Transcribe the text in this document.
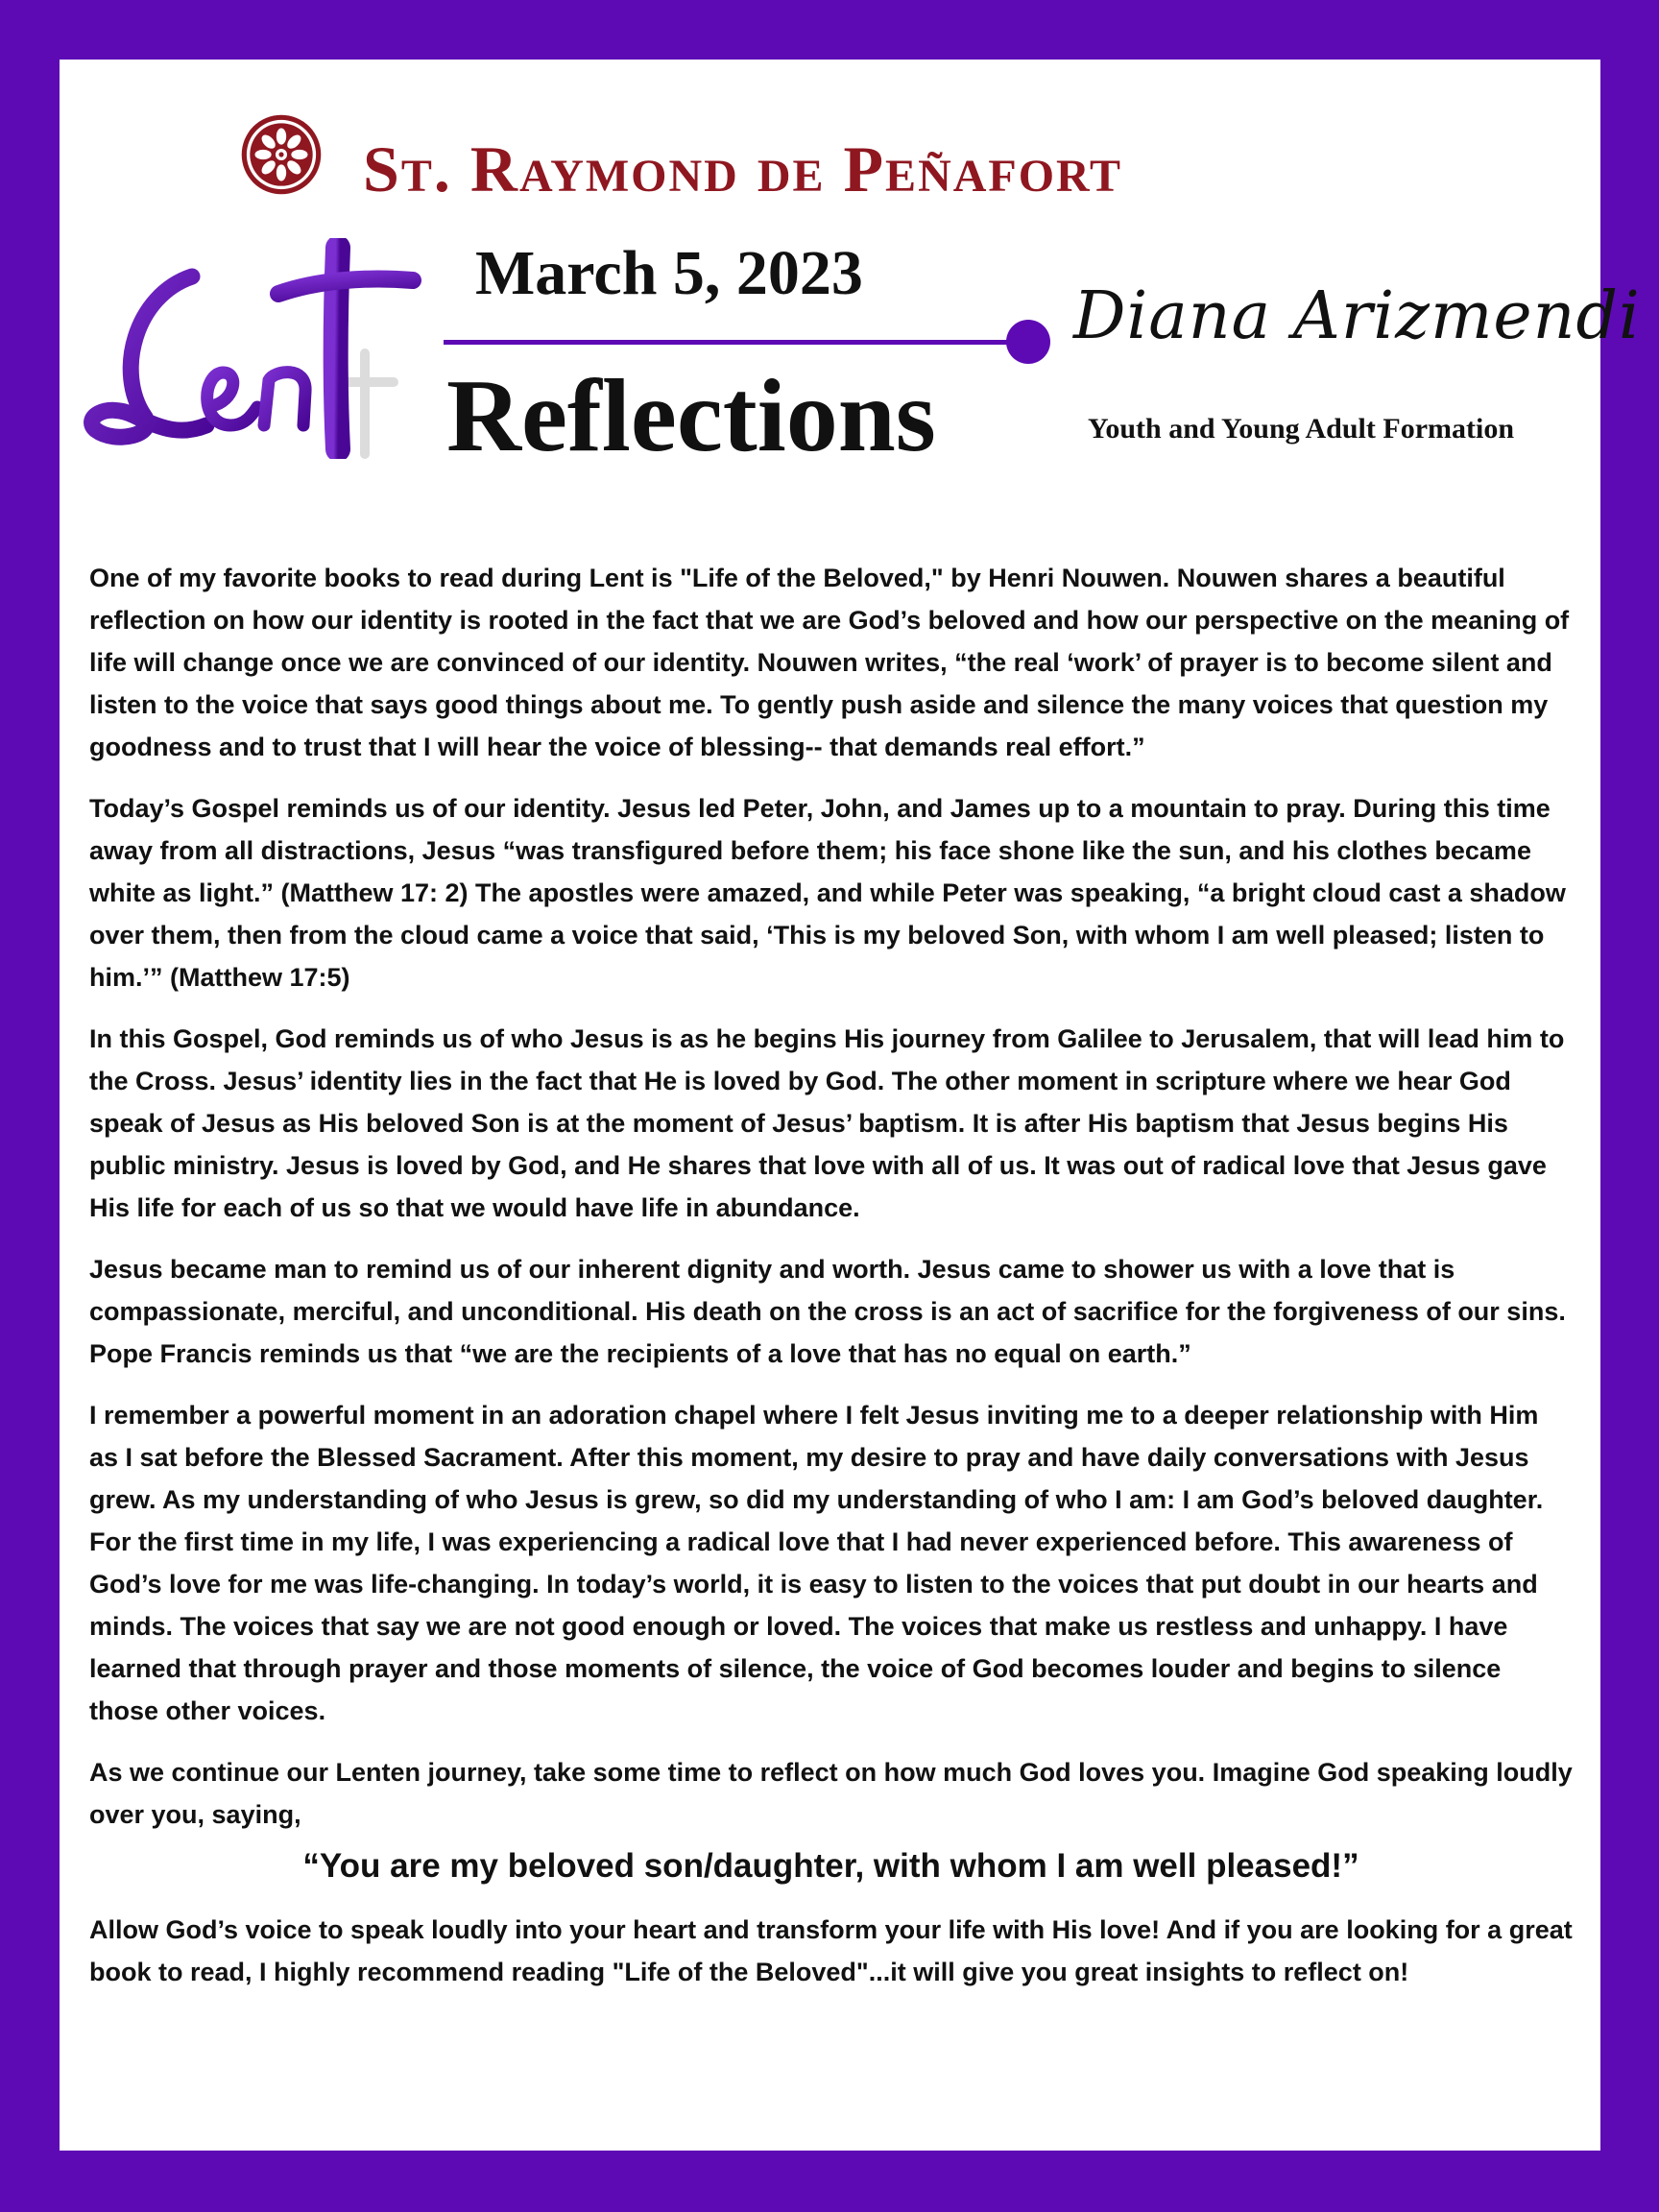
St. Raymond de Peñafort
March 5, 2023
Reflections
Diana Arizmendi
Youth and Young Adult Formation

One of my favorite books to read during Lent is "Life of the Beloved," by Henri Nouwen. Nouwen shares a beautiful reflection on how our identity is rooted in the fact that we are God’s beloved and how our perspective on the meaning of life will change once we are convinced of our identity. Nouwen writes, “the real ‘work’ of prayer is to become silent and listen to the voice that says good things about me. To gently push aside and silence the many voices that question my goodness and to trust that I will hear the voice of blessing-- that demands real effort.”

Today’s Gospel reminds us of our identity. Jesus led Peter, John, and James up to a mountain to pray. During this time away from all distractions, Jesus “was transfigured before them; his face shone like the sun, and his clothes became white as light.” (Matthew 17: 2) The apostles were amazed, and while Peter was speaking, “a bright cloud cast a shadow over them, then from the cloud came a voice that said, ‘This is my beloved Son, with whom I am well pleased; listen to him.’” (Matthew 17:5)

In this Gospel, God reminds us of who Jesus is as he begins His journey from Galilee to Jerusalem, that will lead him to the Cross. Jesus’ identity lies in the fact that He is loved by God. The other moment in scripture where we hear God speak of Jesus as His beloved Son is at the moment of Jesus’ baptism. It is after His baptism that Jesus begins His public ministry. Jesus is loved by God, and He shares that love with all of us. It was out of radical love that Jesus gave His life for each of us so that we would have life in abundance.

Jesus became man to remind us of our inherent dignity and worth. Jesus came to shower us with a love that is compassionate, merciful, and unconditional. His death on the cross is an act of sacrifice for the forgiveness of our sins. Pope Francis reminds us that “we are the recipients of a love that has no equal on earth.”

I remember a powerful moment in an adoration chapel where I felt Jesus inviting me to a deeper relationship with Him as I sat before the Blessed Sacrament. After this moment, my desire to pray and have daily conversations with Jesus grew. As my understanding of who Jesus is grew, so did my understanding of who I am: I am God’s beloved daughter. For the first time in my life, I was experiencing a radical love that I had never experienced before. This awareness of God’s love for me was life-changing. In today’s world, it is easy to listen to the voices that put doubt in our hearts and minds. The voices that say we are not good enough or loved. The voices that make us restless and unhappy. I have learned that through prayer and those moments of silence, the voice of God becomes louder and begins to silence those other voices.

As we continue our Lenten journey, take some time to reflect on how much God loves you. Imagine God speaking loudly over you, saying,

“You are my beloved son/daughter, with whom I am well pleased!”

Allow God’s voice to speak loudly into your heart and transform your life with His love! And if you are looking for a great book to read, I highly recommend reading "Life of the Beloved"...it will give you great insights to reflect on!
